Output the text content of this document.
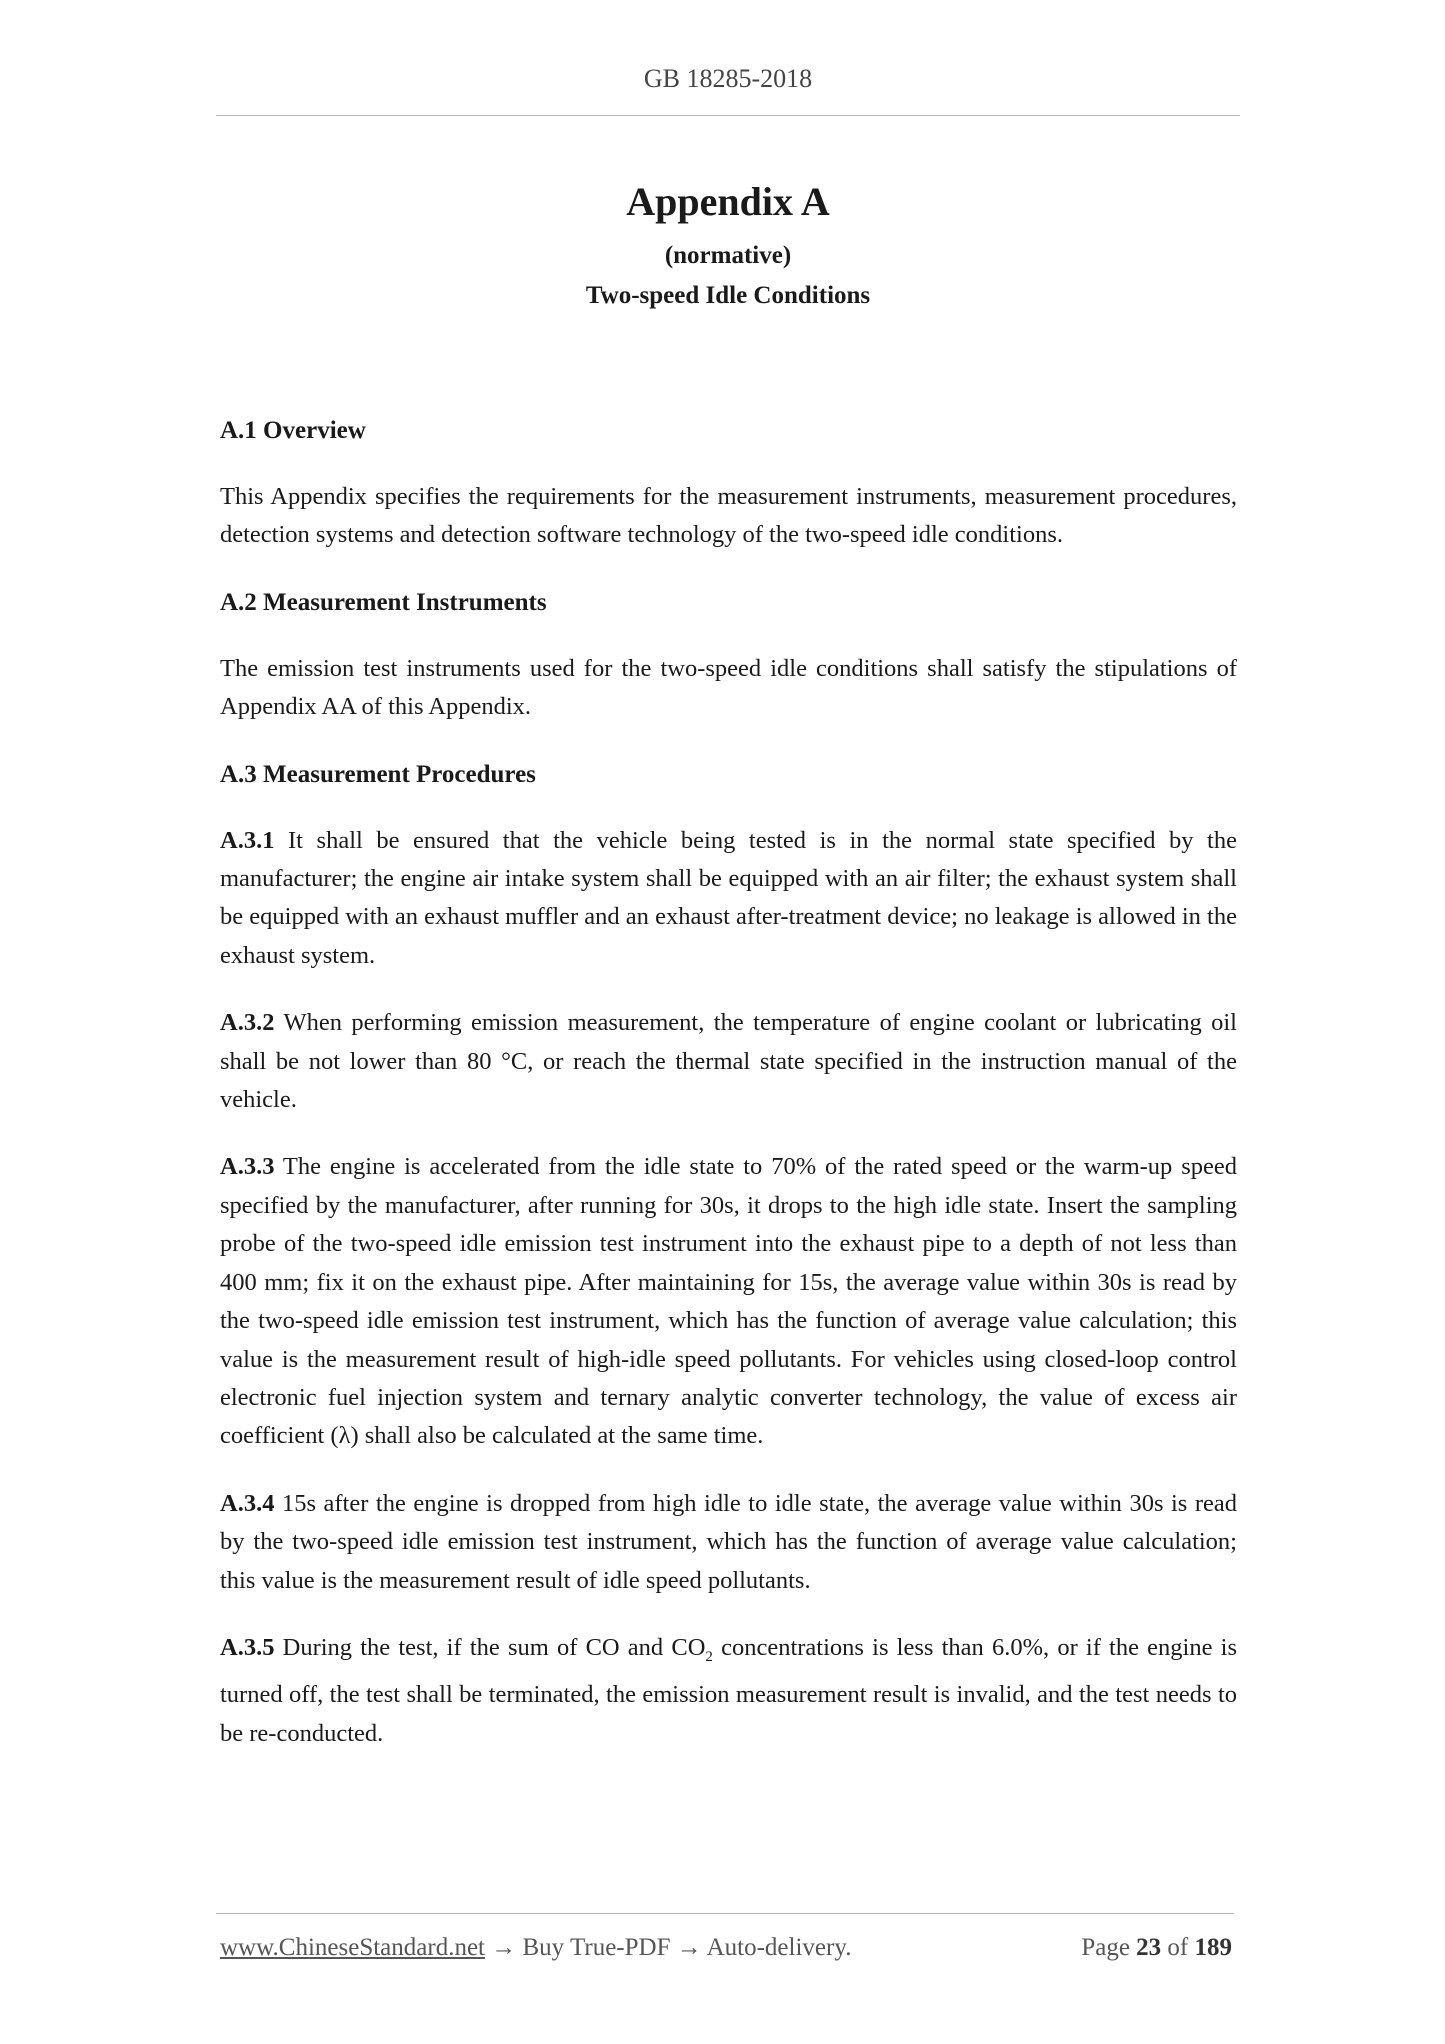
GB 18285-2018
Appendix A
(normative)
Two-speed Idle Conditions
A.1 Overview

This Appendix specifies the requirements for the measurement instruments, measurement procedures, detection systems and detection software technology of the two-speed idle conditions.

A.2 Measurement Instruments

The emission test instruments used for the two-speed idle conditions shall satisfy the stipulations of Appendix AA of this Appendix.

A.3 Measurement Procedures

A.3.1 It shall be ensured that the vehicle being tested is in the normal state specified by the manufacturer; the engine air intake system shall be equipped with an air filter; the exhaust system shall be equipped with an exhaust muffler and an exhaust after-treatment device; no leakage is allowed in the exhaust system.

A.3.2 When performing emission measurement, the temperature of engine coolant or lubricating oil shall be not lower than 80 °C, or reach the thermal state specified in the instruction manual of the vehicle.

A.3.3 The engine is accelerated from the idle state to 70% of the rated speed or the warm-up speed specified by the manufacturer, after running for 30s, it drops to the high idle state. Insert the sampling probe of the two-speed idle emission test instrument into the exhaust pipe to a depth of not less than 400 mm; fix it on the exhaust pipe. After maintaining for 15s, the average value within 30s is read by the two-speed idle emission test instrument, which has the function of average value calculation; this value is the measurement result of high-idle speed pollutants. For vehicles using closed-loop control electronic fuel injection system and ternary analytic converter technology, the value of excess air coefficient (λ) shall also be calculated at the same time.

A.3.4 15s after the engine is dropped from high idle to idle state, the average value within 30s is read by the two-speed idle emission test instrument, which has the function of average value calculation; this value is the measurement result of idle speed pollutants.

A.3.5 During the test, if the sum of CO and $CO_2$ concentrations is less than 6.0%, or if the engine is turned off, the test shall be terminated, the emission measurement result is invalid, and the test needs to be re-conducted.

www.ChineseStandard.net → Buy True-PDF → Auto-delivery.	Page 23 of 189
